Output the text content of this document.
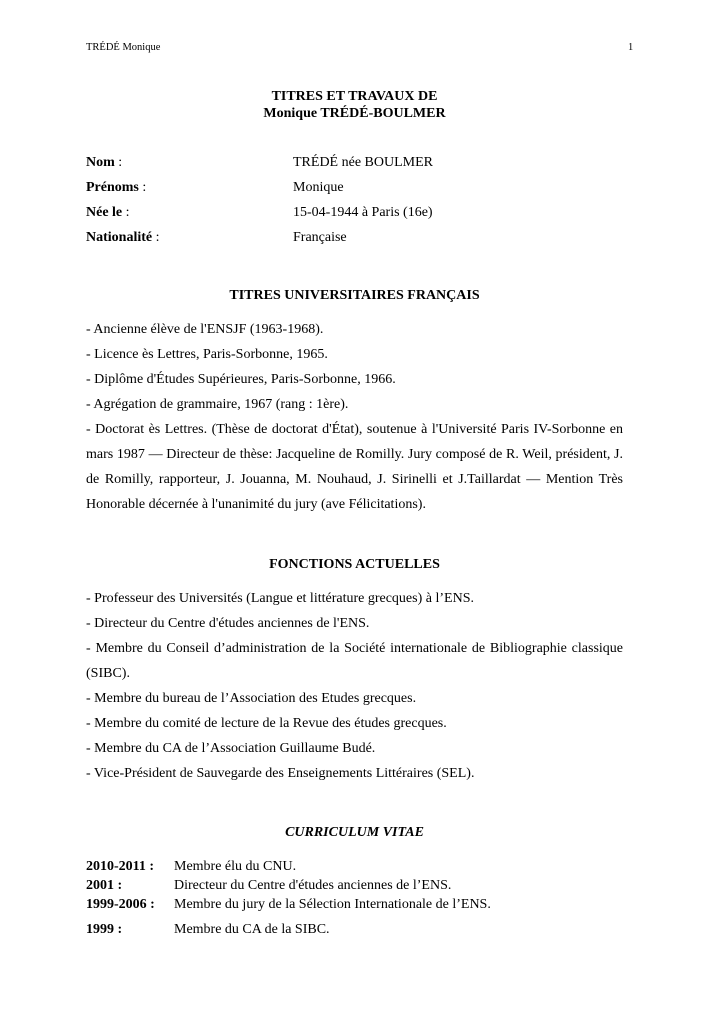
TRÉDÉ Monique	1
TITRES ET TRAVAUX DE
Monique TRÉDÉ-BOULMER
Nom :	TRÉDÉ née BOULMER
Prénoms :	Monique
Née le :	15-04-1944 à Paris (16e)
Nationalité :	Française
TITRES UNIVERSITAIRES FRANÇAIS
- Ancienne élève de l'ENSJF (1963-1968).
- Licence ès Lettres, Paris-Sorbonne, 1965.
- Diplôme d'Études Supérieures, Paris-Sorbonne, 1966.
- Agrégation de grammaire, 1967 (rang : 1ère).
- Doctorat ès Lettres. (Thèse de doctorat d'État), soutenue à l'Université Paris IV-Sorbonne en mars 1987 — Directeur de thèse: Jacqueline de Romilly. Jury composé de R. Weil, président, J. de Romilly, rapporteur, J. Jouanna, M. Nouhaud, J. Sirinelli et J.Taillardat — Mention Très Honorable décernée à l'unanimité du jury (ave Félicitations).
FONCTIONS ACTUELLES
- Professeur des Universités (Langue et littérature grecques) à l’ENS.
- Directeur du Centre d'études anciennes de l'ENS.
- Membre du Conseil d’administration de la Société internationale de Bibliographie classique (SIBC).
- Membre du bureau de l’Association des Etudes grecques.
- Membre du comité de lecture de la Revue des études grecques.
- Membre du CA de l’Association Guillaume Budé.
- Vice-Président de Sauvegarde des Enseignements Littéraires (SEL).
CURRICULUM VITAE
2010-2011 : Membre élu du CNU.
2001 :	Directeur du Centre d'études anciennes de l’ENS.
1999-2006 : Membre du jury de la Sélection Internationale de l’ENS.
1999 :	Membre du CA de la SIBC.
